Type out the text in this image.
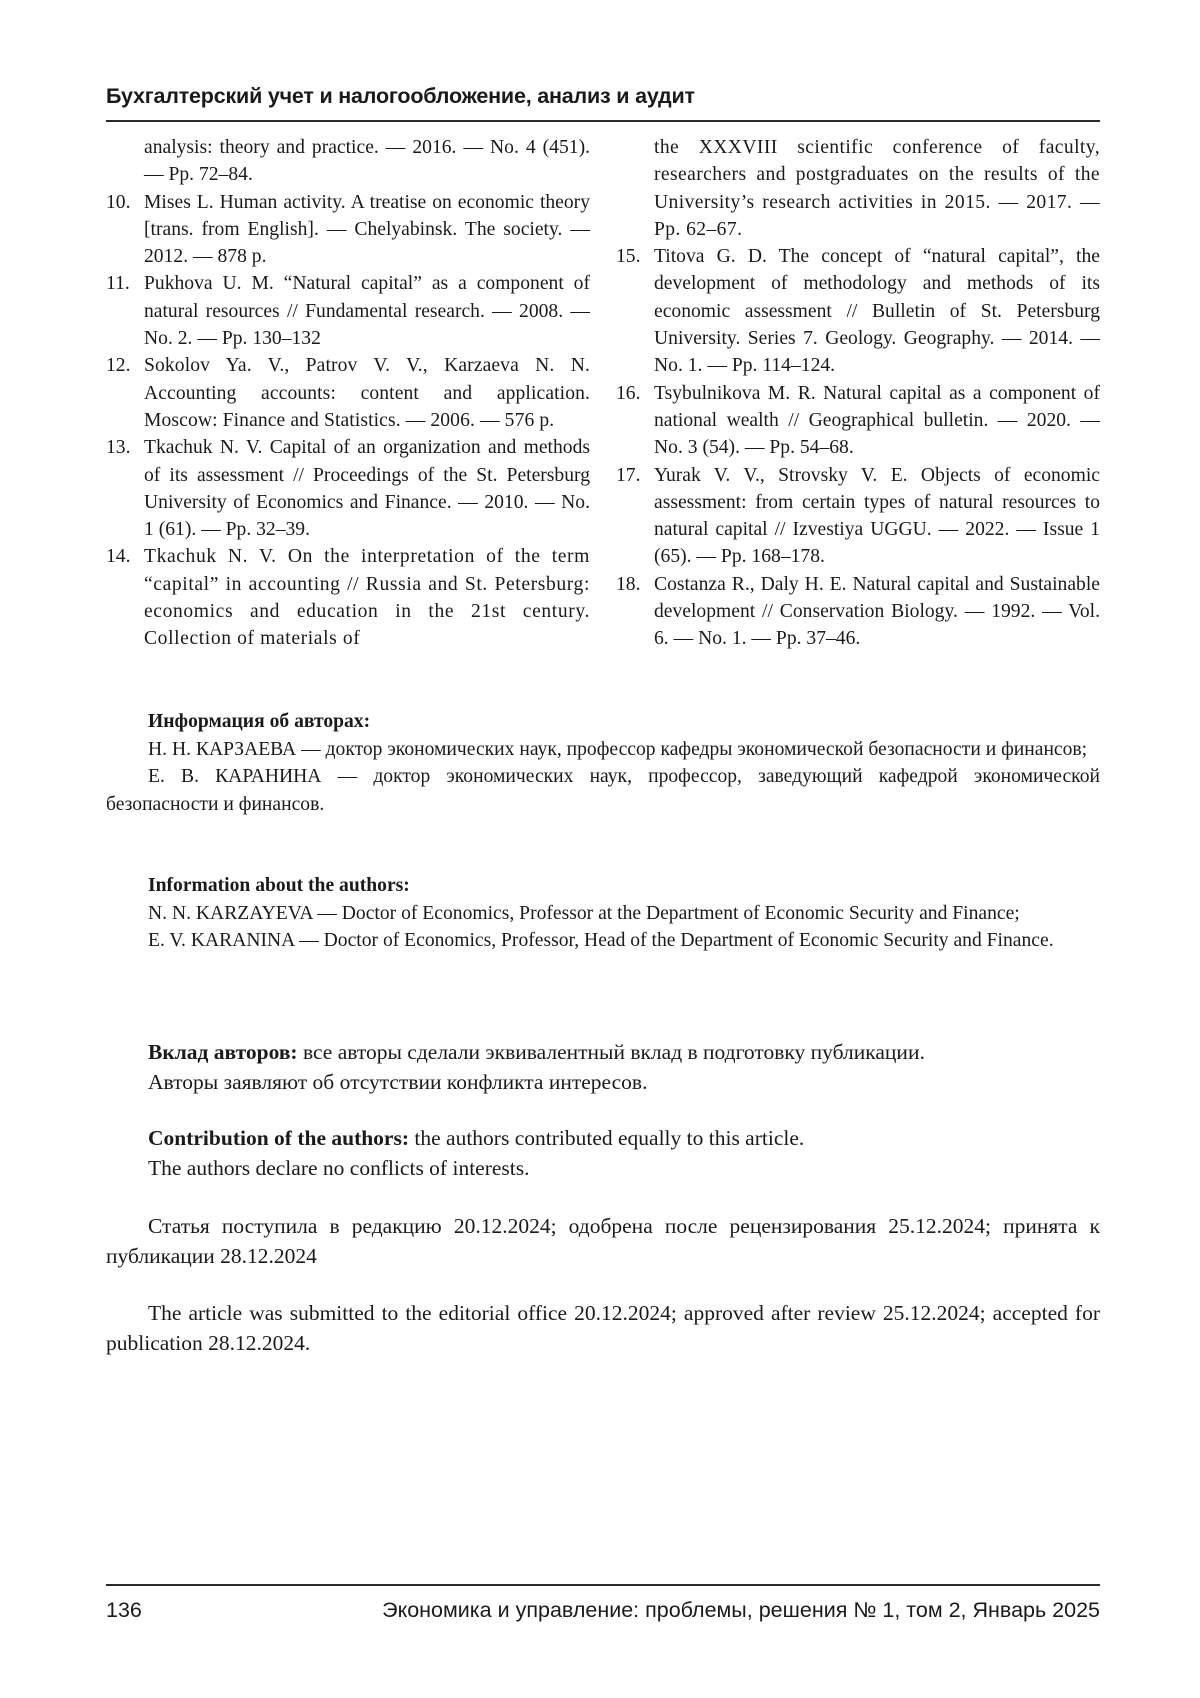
Бухгалтерский учет и налогообложение, анализ и аудит
analysis: theory and practice. — 2016. — No. 4 (451). — Pp. 72–84.
10. Mises L. Human activity. A treatise on economic theory [trans. from English]. — Chelyabinsk. The society. — 2012. — 878 p.
11. Pukhova U. M. “Natural capital” as a component of natural resources // Fundamental research. — 2008. — No. 2. — Pp. 130–132
12. Sokolov Ya. V., Patrov V. V., Karzaeva N. N. Accounting accounts: content and application. Moscow: Finance and Statistics. — 2006. — 576 p.
13. Tkachuk N. V. Capital of an organization and methods of its assessment // Proceedings of the St. Petersburg University of Economics and Finance. — 2010. — No. 1 (61). — Pp. 32–39.
14. Tkachuk N. V. On the interpretation of the term “capital” in accounting // Russia and St. Petersburg: economics and education in the 21st century. Collection of materials of
the XXXVIII scientific conference of faculty, researchers and postgraduates on the results of the University’s research activities in 2015. — 2017. — Pp. 62–67.
15. Titova G. D. The concept of “natural capital”, the development of methodology and methods of its economic assessment // Bulletin of St. Petersburg University. Series 7. Geology. Geography. — 2014. — No. 1. — Pp. 114–124.
16. Tsybulnikova M. R. Natural capital as a component of national wealth // Geographical bulletin. — 2020. — No. 3 (54). — Pp. 54–68.
17. Yurak V. V., Strovsky V. E. Objects of economic assessment: from certain types of natural resources to natural capital // Izvestiya UGGU. — 2022. — Issue 1 (65). — Pp. 168–178.
18. Costanza R., Daly H. E. Natural capital and Sustainable development // Conservation Biology. — 1992. — Vol. 6. — No. 1. — Pp. 37–46.

Информация об авторах:

Н. Н. КАРЗАЕВА — доктор экономических наук, профессор кафедры экономической безопасности и финансов;

Е. В. КАРАНИНА — доктор экономических наук, профессор, заведующий кафедрой экономической безопасности и финансов.

Information about the authors:

N. N. KARZAYEVA — Doctor of Economics, Professor at the Department of Economic Security and Finance;

E. V. KARANINA — Doctor of Economics, Professor, Head of the Department of Economic Security and Finance.

Вклад авторов: все авторы сделали эквивалентный вклад в подготовку публикации.

Авторы заявляют об отсутствии конфликта интересов.

Contribution of the authors: the authors contributed equally to this article.

The authors declare no conflicts of interests.

Статья поступила в редакцию 20.12.2024; одобрена после рецензирования 25.12.2024; принята к публикации 28.12.2024

The article was submitted to the editorial office 20.12.2024; approved after review 25.12.2024; accepted for publication 28.12.2024.

136	Экономика и управление: проблемы, решения № 1, том 2, Январь 2025
